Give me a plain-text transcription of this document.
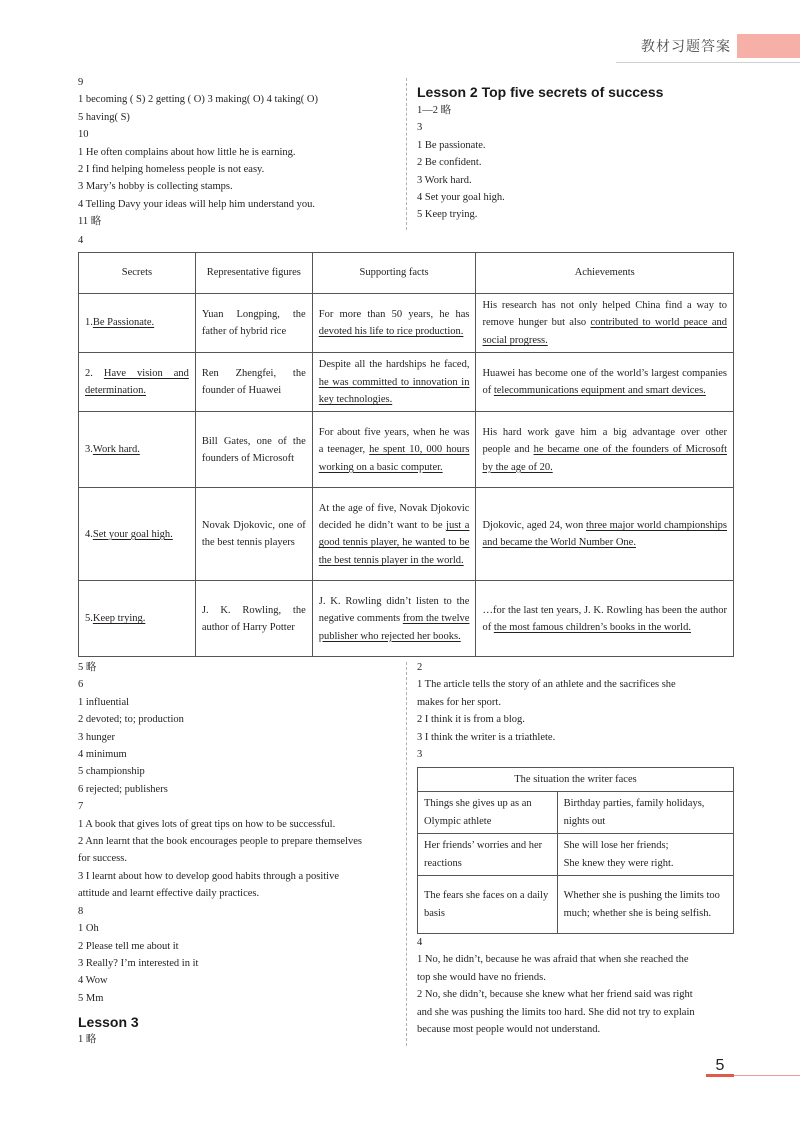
教材习题答案
9
1 becoming ( S) 2 getting ( O) 3 making( O) 4 taking( O)
5 having( S)
10
1 He often complains about how little he is earning.
2 I find helping homeless people is not easy.
3 Mary’s hobby is collecting stamps.
4 Telling Davy your ideas will help him understand you.
11 略
Lesson 2 Top five secrets of success
1—2 略
3
1 Be passionate.
2 Be confident.
3 Work hard.
4 Set your goal high.
5 Keep trying.
4
Secrets	Representative figures	Supporting facts	Achievements
1.Be Passionate.	Yuan Longping, the father of hybrid rice	For more than 50 years, he has devoted his life to rice production.	His research has not only helped China find a way to remove hunger but also contributed to world peace and social progress.
2. Have vision and determination.	Ren Zhengfei, the founder of Huawei	Despite all the hardships he faced, he was committed to innovation in key technologies.	Huawei has become one of the world’s largest companies of telecommunications equipment and smart devices.
3.Work hard.	Bill Gates, one of the founders of Microsoft	For about five years, when he was a teenager, he spent 10, 000 hours working on a basic computer.	His hard work gave him a big advantage over other people and he became one of the founders of Microsoft by the age of 20.
4.Set your goal high.	Novak Djokovic, one of the best tennis players	At the age of five, Novak Djokovic decided he didn’t want to be just a good tennis player, he wanted to be the best tennis player in the world.	Djokovic, aged 24, won three major world championships and became the World Number One.
5.Keep trying.	J. K. Rowling, the author of Harry Potter	J. K. Rowling didn’t listen to the negative comments from the twelve publisher who rejected her books.	…for the last ten years, J. K. Rowling has been the author of the most famous children’s books in the world.
5 略
6
1 influential
2 devoted; to; production
3 hunger
4 minimum
5 championship
6 rejected; publishers
7
1 A book that gives lots of great tips on how to be successful.
2 Ann learnt that the book encourages people to prepare themselves
for success.
3 I learnt about how to develop good habits through a positive
attitude and learnt effective daily practices.
8
1 Oh
2 Please tell me about it
3 Really? I’m interested in it
4 Wow
5 Mm
Lesson 3
1 略
2
1 The article tells the story of an athlete and the sacrifices she
makes for her sport.
2 I think it is from a blog.
3 I think the writer is a triathlete.
3
The situation the writer faces	
Things she gives up as an Olympic athlete	Birthday parties, family holidays, nights out
Her friends’ worries and her reactions	She will lose her friends;
She knew they were right.
The fears she faces on a daily basis	Whether she is pushing the limits too much; whether she is being selfish.
4
1 No, he didn’t, because he was afraid that when she reached the
top she would have no friends.
2 No, she didn’t, because she knew what her friend said was right
and she was pushing the limits too hard. She did not try to explain
because most people would not understand.
5
